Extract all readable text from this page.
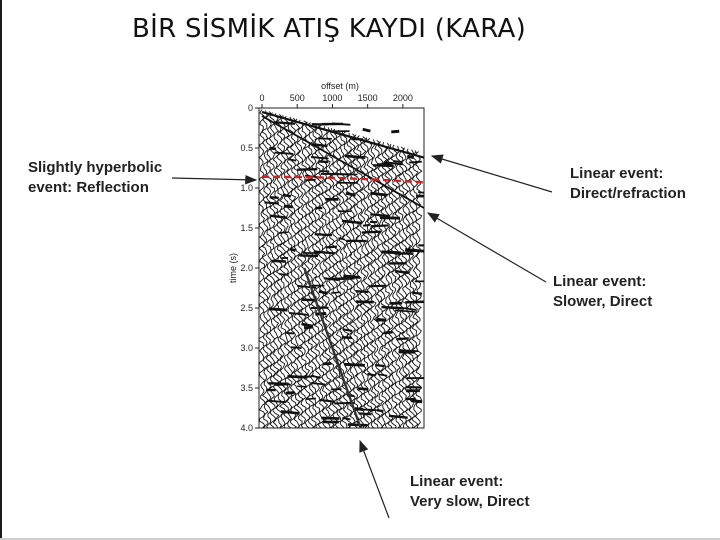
BİR SİSMİK ATIŞ KAYDI (KARA)
offset (m)
time (s)
0	500 1000 1500 2000
0
0.5
1.0
1.5
2.0
2.5
3.0
3.5
4.0
Slightly hyperbolic
event: Reflection
Linear event:
Direct/refraction
Linear event:
Slower, Direct
Linear event:
Very slow, Direct
